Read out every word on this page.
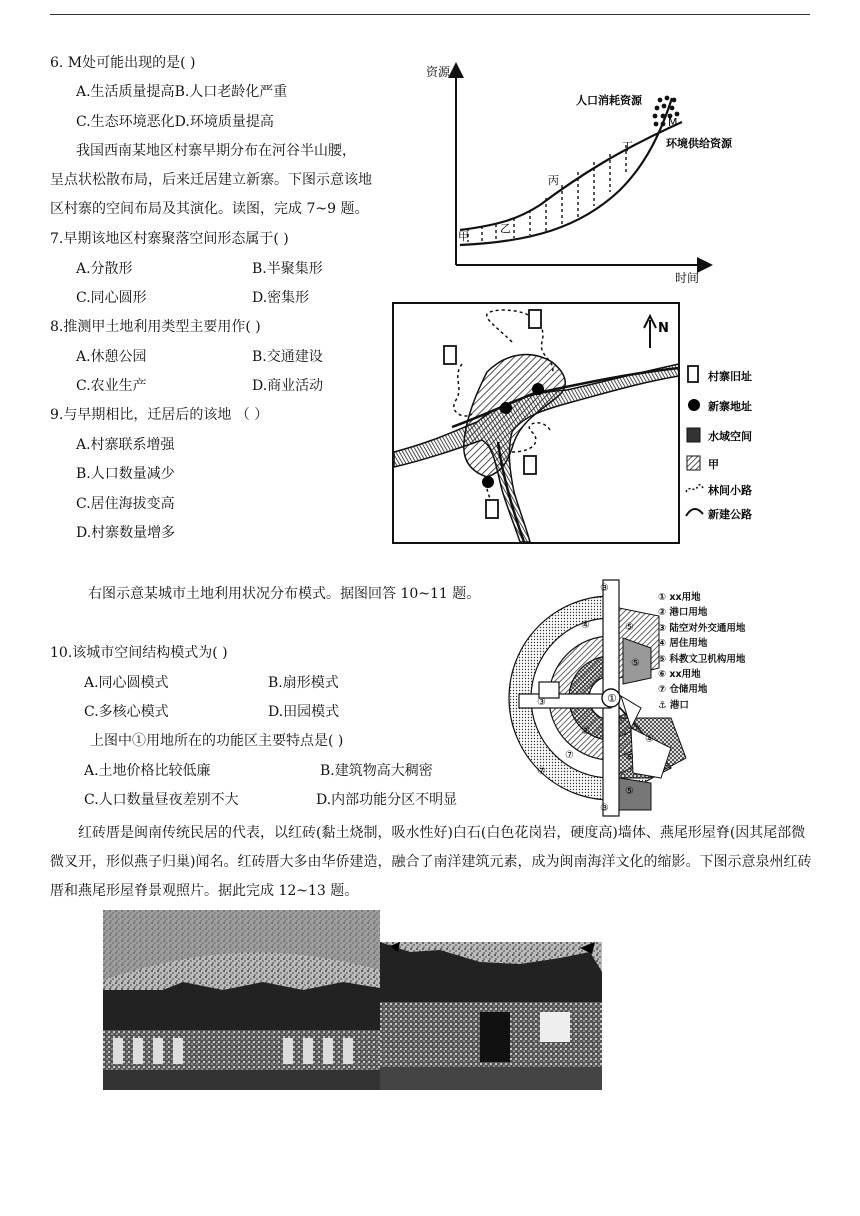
6. M处可能出现的是( )
A.生活质量提高B.人口老龄化严重
C.生态环境恶化D.环境质量提高
我国西南某地区村寨早期分布在河谷半山腰，
呈点状松散布局，后来迁居建立新寨。下图示意该地
区村寨的空间布局及其演化。读图，完成 7~9 题。
7.早期该地区村寨聚落空间形态属于( )
A.分散形	B.半聚集形
C.同心圆形	D.密集形
8.推测甲土地利用类型主要用作( )
A.休憩公园	B.交通建设
C.农业生产	D.商业活动
9.与早期相比，迁居后的该地 （ ）
A.村寨联系增强
B.人口数量减少
C.居住海拔变高
D.村寨数量增多
右图示意某城市土地利用状况分布模式。据图回答 10~11 题。
10.该城市空间结构模式为( )
A.同心圆模式	B.扇形模式
C.多核心模式	D.田园模式
上图中①用地所在的功能区主要特点是( )
A.土地价格比较低廉	B.建筑物高大稠密
C.人口数量昼夜差别不大	D.内部功能分区不明显
红砖厝是闽南传统民居的代表，以红砖(黏土烧制，吸水性好)白石(白色花岗岩，硬度高)墙体、燕尾形屋脊(因其尾部微微叉开，形似燕子归巢)闻名。红砖厝大多由华侨建造，融合了南洋建筑元素，成为闽南海洋文化的缩影。下图示意泉州红砖厝和燕尾形屋脊景观照片。据此完成 12~13 题。
资源
时间
M
人口消耗资源
环境供给资源
甲
乙
丙
丁
N
村寨旧址
新寨地址
水域空间
甲
林间小路
新建公路
①
③
③
③
⑤
⑤
④
④
②
⑥
⑦
⑦
⑤
① xx用地
② 港口用地
③ 陆空对外交通用地
④ 居住用地
⑤ 科教文卫机构用地
⑥ xx用地
⑦ 仓储用地
⚓ 港口
